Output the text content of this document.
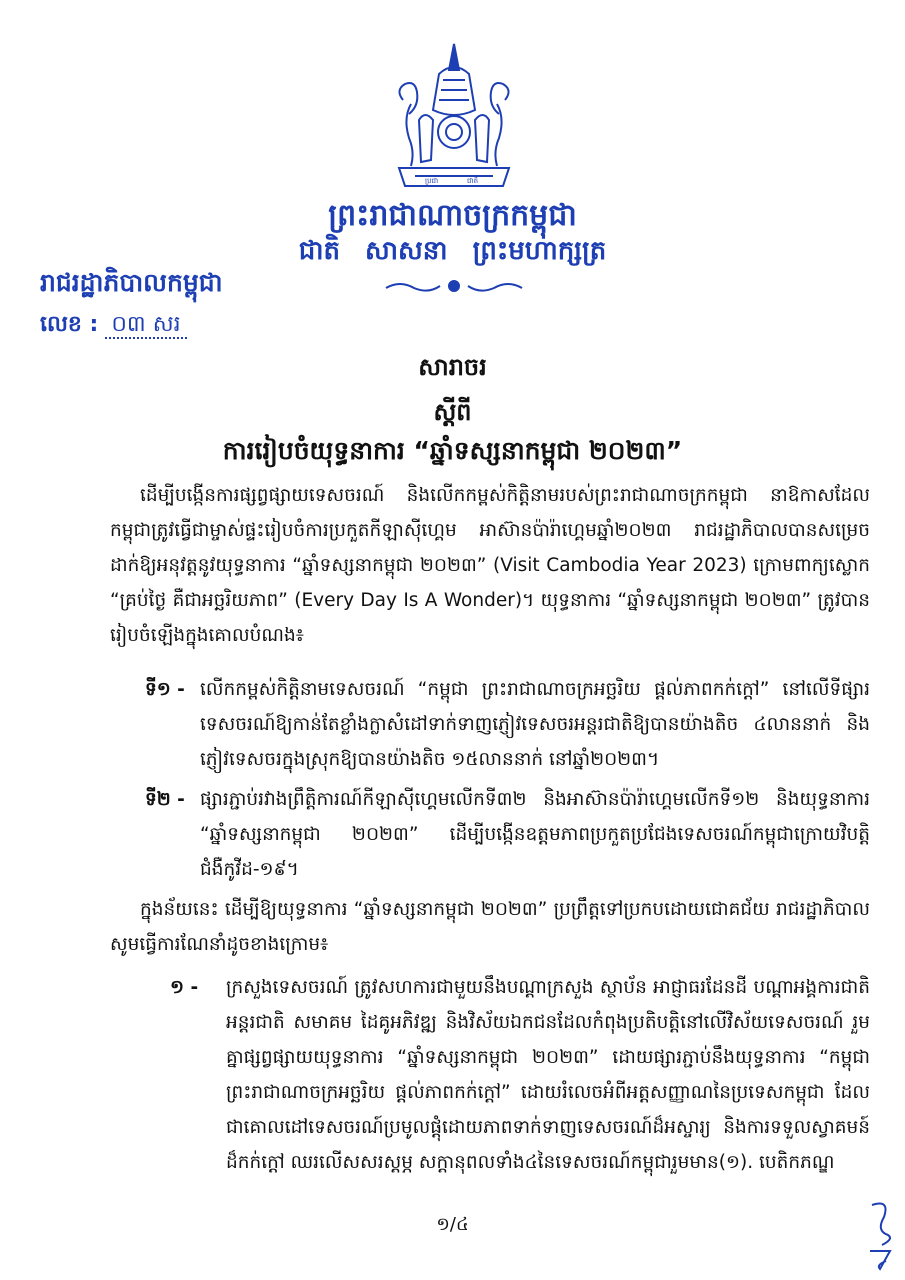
ប្រជា	ជាតិ
ព្រះរាជាណាចក្រកម្ពុជា
ជាតិ សាសនា ព្រះមហាក្សត្រ
រាជរដ្ឋាភិបាលកម្ពុជា
លេខ : ០៣ សរ
សារាចរ
ស្ដីពី
ការរៀបចំយុទ្ធនាការ “ឆ្នាំទស្សនាកម្ពុជា ២០២៣”
ដើម្បីបង្កើនការផ្សព្វផ្សាយទេសចរណ៍ និងលើកកម្ពស់កិត្តិនាមរបស់ព្រះរាជាណាចក្រកម្ពុជា នាឱកាសដែលកម្ពុជាត្រូវធ្វើជាម្ចាស់ផ្ទះរៀបចំការប្រកួតកីឡាស៊ីហ្គេម អាស៊ានប៉ារ៉ាហ្គេមឆ្នាំ២០២៣ រាជរដ្ឋាភិបាលបានសម្រេចដាក់ឱ្យអនុវត្តនូវយុទ្ធនាការ “ឆ្នាំទស្សនាកម្ពុជា ២០២៣” (Visit Cambodia Year 2023) ក្រោមពាក្យស្លោក “គ្រប់ថ្ងៃ គឺជាអច្ឆរិយភាព” (Every Day Is A Wonder)។ យុទ្ធនាការ “ឆ្នាំទស្សនាកម្ពុជា ២០២៣” ត្រូវបានរៀបចំឡើងក្នុងគោលបំណង៖
ទី១ - លើកកម្ពស់កិត្តិនាមទេសចរណ៍ “កម្ពុជា ព្រះរាជាណាចក្រអច្ឆរិយ ផ្តល់ភាពកក់ក្ដៅ” នៅលើទីផ្សារទេសចរណ៍ឱ្យកាន់តែខ្លាំងក្លាសំដៅទាក់ទាញភ្ញៀវទេសចរអន្តរជាតិឱ្យបានយ៉ាងតិច ៤លាននាក់ និងភ្ញៀវទេសចរក្នុងស្រុកឱ្យបានយ៉ាងតិច ១៥លាននាក់ នៅឆ្នាំ២០២៣។
ទី២ - ផ្សារភ្ជាប់រវាងព្រឹត្តិការណ៍កីឡាស៊ីហ្គេមលើកទី៣២ និងអាស៊ានប៉ារ៉ាហ្គេមលើកទី១២ និងយុទ្ធនាការ “ឆ្នាំទស្សនាកម្ពុជា ២០២៣” ដើម្បីបង្កើនឧត្តមភាពប្រកួតប្រជែងទេសចរណ៍កម្ពុជាក្រោយវិបត្តិជំងឺកូវីដ-១៩។
ក្នុងន័យនេះ ដើម្បីឱ្យយុទ្ធនាការ “ឆ្នាំទស្សនាកម្ពុជា ២០២៣” ប្រព្រឹត្តទៅប្រកបដោយជោគជ័យ រាជរដ្ឋាភិបាលសូមធ្វើការណែនាំដូចខាងក្រោម៖
១ - ក្រសួងទេសចរណ៍ ត្រូវសហការជាមួយនឹងបណ្ដាក្រសួង ស្ថាប័ន អាជ្ញាធរដែនដី បណ្ដាអង្គការជាតិ អន្តរជាតិ សមាគម ដៃគូអភិវឌ្ឍ និងវិស័យឯកជនដែលកំពុងប្រតិបត្តិនៅលើវិស័យទេសចរណ៍ រួមគ្នាផ្សព្វផ្សាយយុទ្ធនាការ “ឆ្នាំទស្សនាកម្ពុជា ២០២៣” ដោយផ្សារភ្ជាប់នឹងយុទ្ធនាការ “កម្ពុជា ព្រះរាជាណាចក្រអច្ឆរិយ ផ្តល់ភាពកក់ក្ដៅ” ដោយរំលេចអំពីអត្តសញ្ញាណនៃប្រទេសកម្ពុជា ដែលជាគោលដៅទេសចរណ៍ប្រមូលផ្តុំដោយភាពទាក់ទាញទេសចរណ៍ដ៏អស្ចារ្យ និងការទទួលស្វាគមន៍ដ៏កក់ក្ដៅ ឈរលើសសរស្តម្ភ សក្តានុពលទាំង៤នៃទេសចរណ៍កម្ពុជារួមមាន(១). បេតិកភណ្ឌ
១/៤
